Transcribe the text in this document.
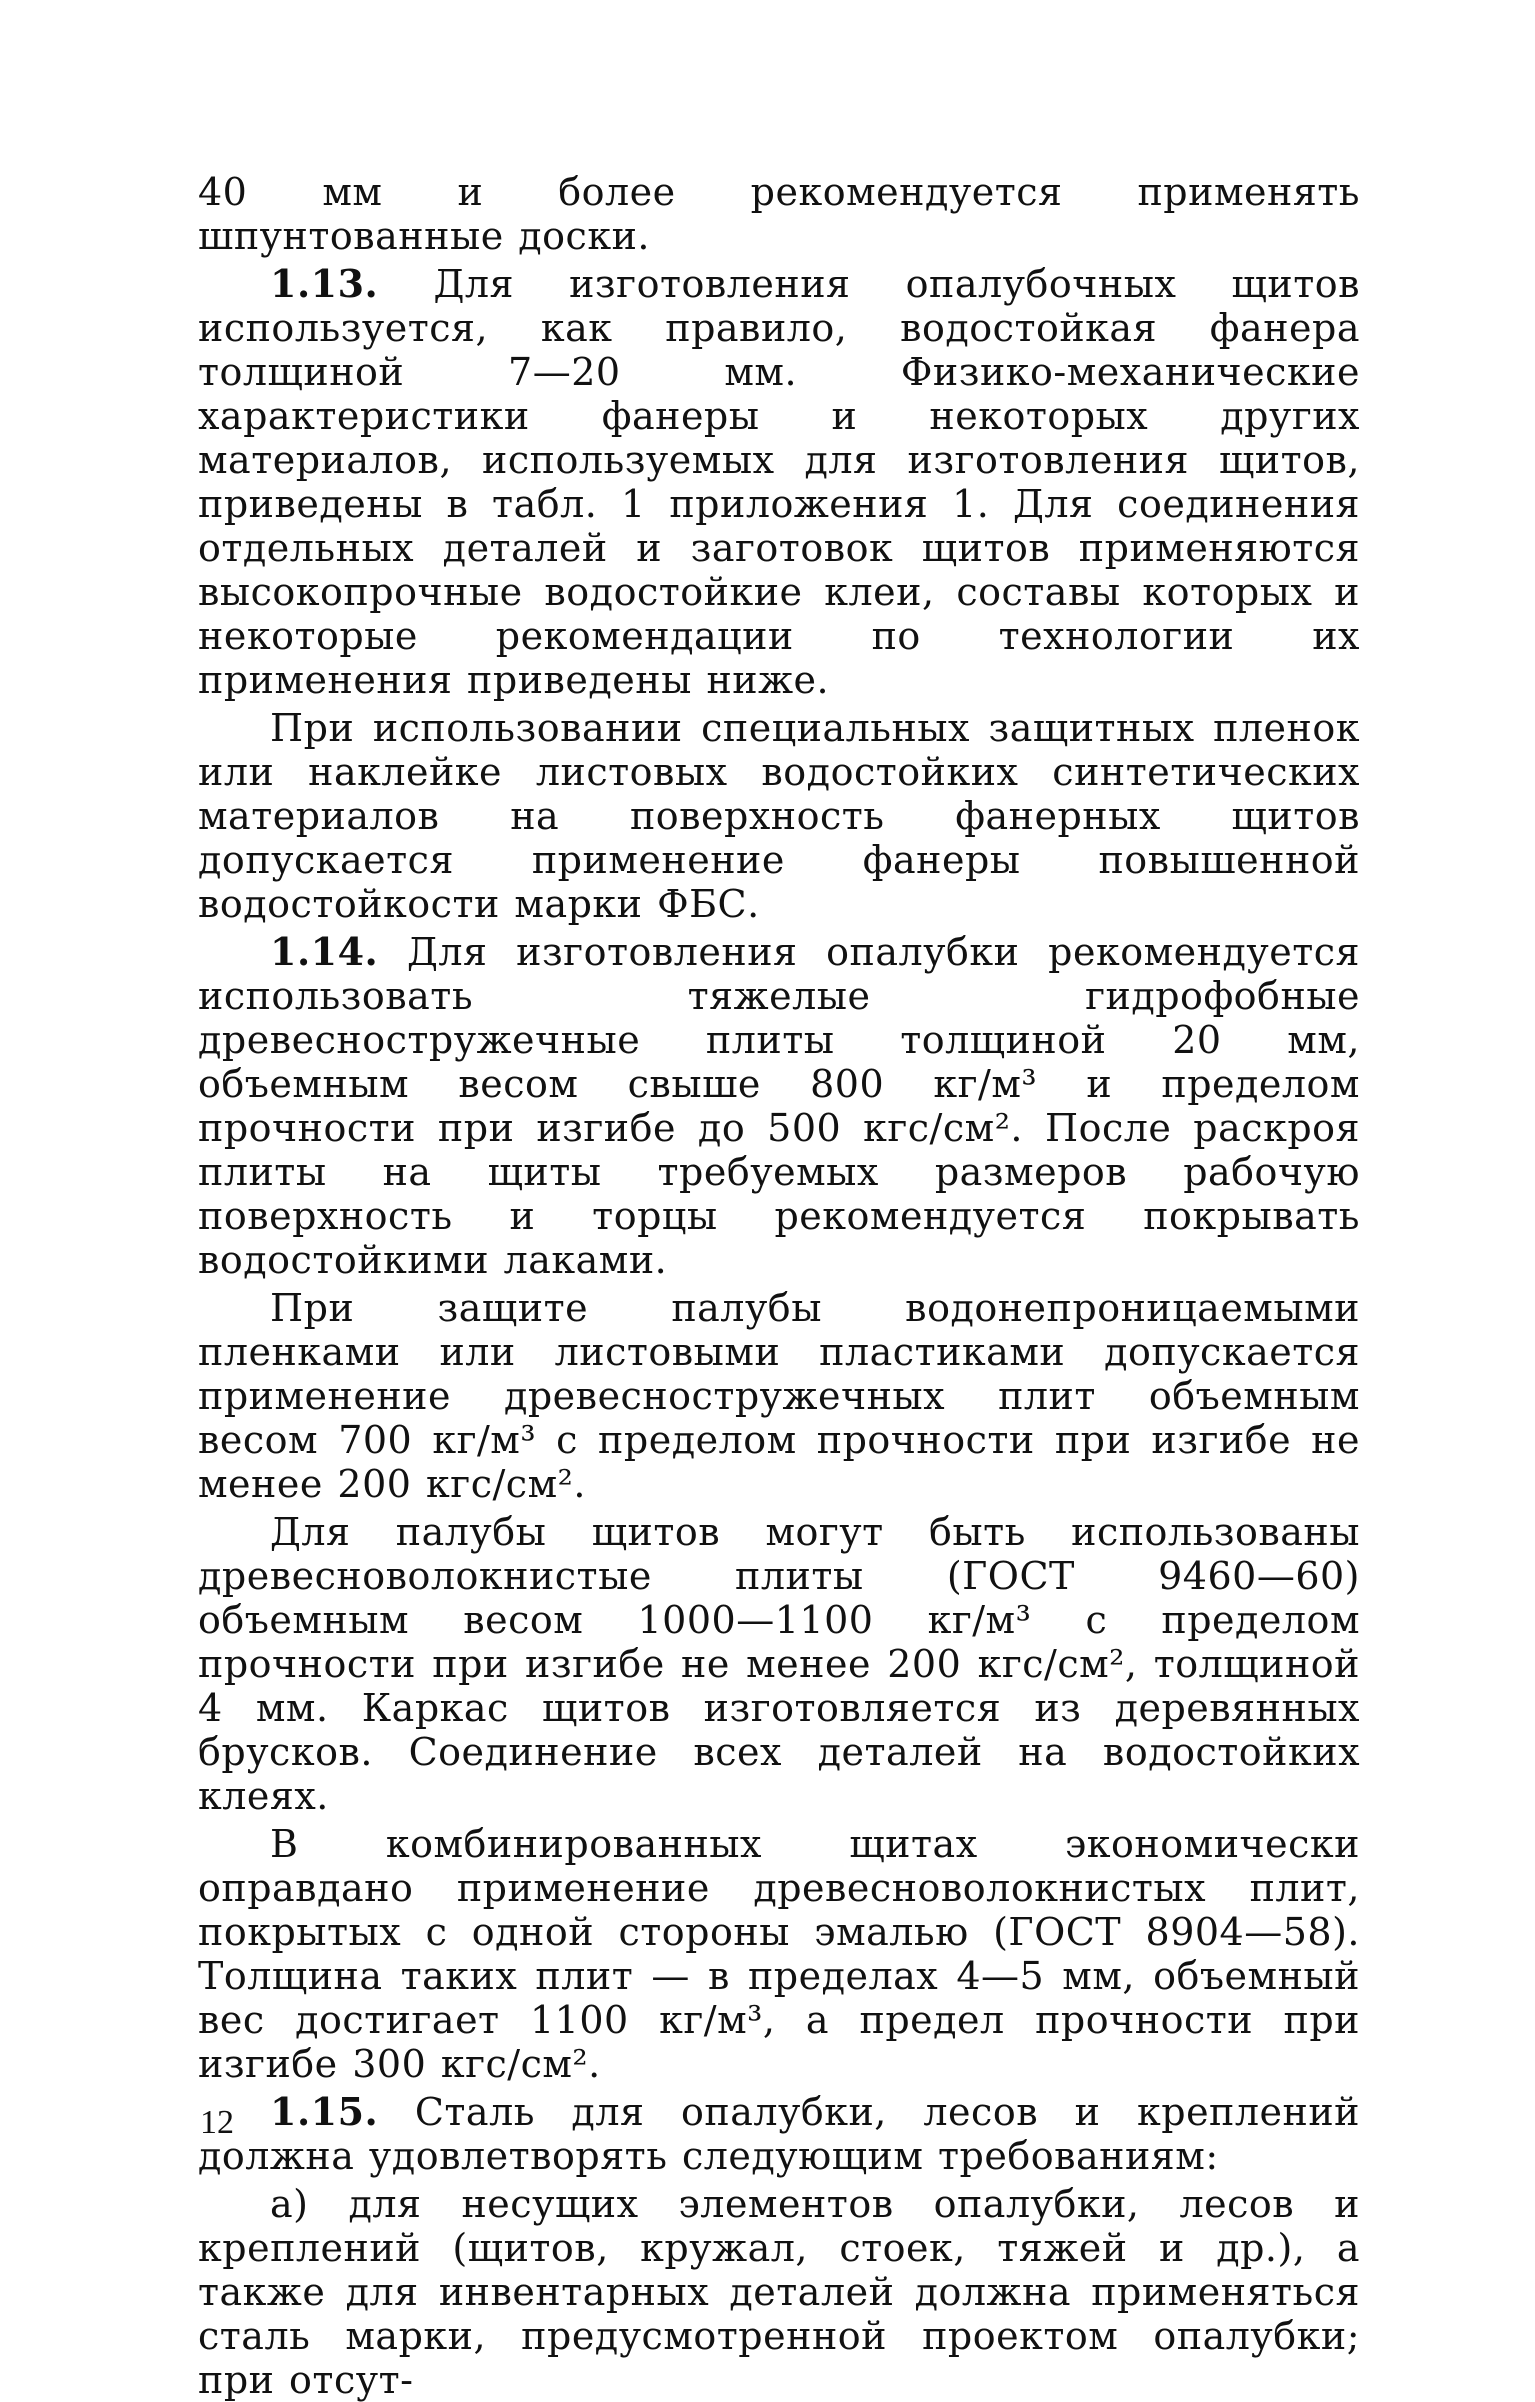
40 мм и более рекомендуется применять шпунтованные доски.

1.13. Для изготовления опалубочных щитов используется, как правило, водостойкая фанера толщиной 7—20 мм. Физико-механические характеристики фанеры и некоторых других материалов, используемых для изготовления щитов, приведены в табл. 1 приложения 1. Для соединения отдельных деталей и заготовок щитов применяются высокопрочные водостойкие клеи, составы которых и некоторые рекомендации по технологии их применения приведены ниже.

При использовании специальных защитных пленок или наклейке листовых водостойких синтетических материалов на поверхность фанерных щитов допускается применение фанеры повышенной водостойкости марки ФБС.

1.14. Для изготовления опалубки рекомендуется использовать тяжелые гидрофобные древесностружечные плиты толщиной 20 мм, объемным весом свыше 800 кг/м³ и пределом прочности при изгибе до 500 кгс/см². После раскроя плиты на щиты требуемых размеров рабочую поверхность и торцы рекомендуется покрывать водостойкими лаками.

При защите палубы водонепроницаемыми пленками или листовыми пластиками допускается применение древесностружечных плит объемным весом 700 кг/м³ с пределом прочности при изгибе не менее 200 кгс/см².

Для палубы щитов могут быть использованы древесноволокнистые плиты (ГОСТ 9460—60) объемным весом 1000—1100 кг/м³ с пределом прочности при изгибе не менее 200 кгс/см², толщиной 4 мм. Каркас щитов изготовляется из деревянных брусков. Соединение всех деталей на водостойких клеях.

В комбинированных щитах экономически оправдано применение древесноволокнистых плит, покрытых с одной стороны эмалью (ГОСТ 8904—58). Толщина таких плит — в пределах 4—5 мм, объемный вес достигает 1100 кг/м³, а предел прочности при изгибе 300 кгс/см².

1.15. Сталь для опалубки, лесов и креплений должна удовлетворять следующим требованиям:

а) для несущих элементов опалубки, лесов и креплений (щитов, кружал, стоек, тяжей и др.), а также для инвентарных деталей должна применяться сталь марки, предусмотренной проектом опалубки; при отсут-

12
